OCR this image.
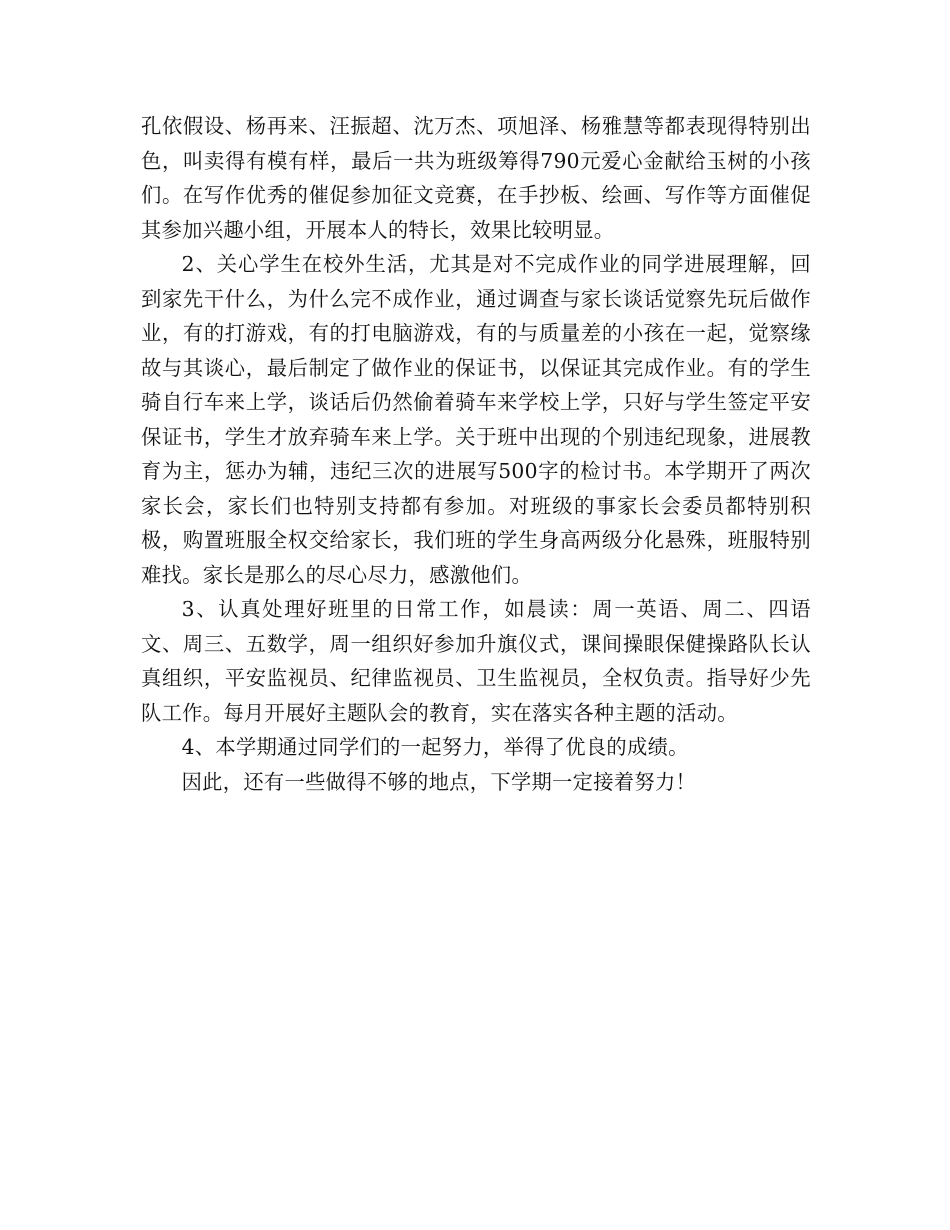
孔依假设、杨再来、汪振超、沈万杰、项旭泽、杨雅慧等都表现得特别出色，叫卖得有模有样，最后一共为班级筹得790元爱心金献给玉树的小孩们。在写作优秀的催促参加征文竞赛，在手抄板、绘画、写作等方面催促其参加兴趣小组，开展本人的特长，效果比较明显。

2、关心学生在校外生活，尤其是对不完成作业的同学进展理解，回到家先干什么，为什么完不成作业，通过调查与家长谈话觉察先玩后做作业，有的打游戏，有的打电脑游戏，有的与质量差的小孩在一起，觉察缘故与其谈心，最后制定了做作业的保证书，以保证其完成作业。有的学生骑自行车来上学，谈话后仍然偷着骑车来学校上学，只好与学生签定平安保证书，学生才放弃骑车来上学。关于班中出现的个别违纪现象，进展教育为主，惩办为辅，违纪三次的进展写500字的检讨书。本学期开了两次家长会，家长们也特别支持都有参加。对班级的事家长会委员都特别积极，购置班服全权交给家长，我们班的学生身高两级分化悬殊，班服特别难找。家长是那么的尽心尽力，感激他们。

3、认真处理好班里的日常工作，如晨读：周一英语、周二、四语文、周三、五数学，周一组织好参加升旗仪式，课间操眼保健操路队长认真组织，平安监视员、纪律监视员、卫生监视员，全权负责。指导好少先队工作。每月开展好主题队会的教育，实在落实各种主题的活动。

4、本学期通过同学们的一起努力，举得了优良的成绩。

因此，还有一些做得不够的地点，下学期一定接着努力！
